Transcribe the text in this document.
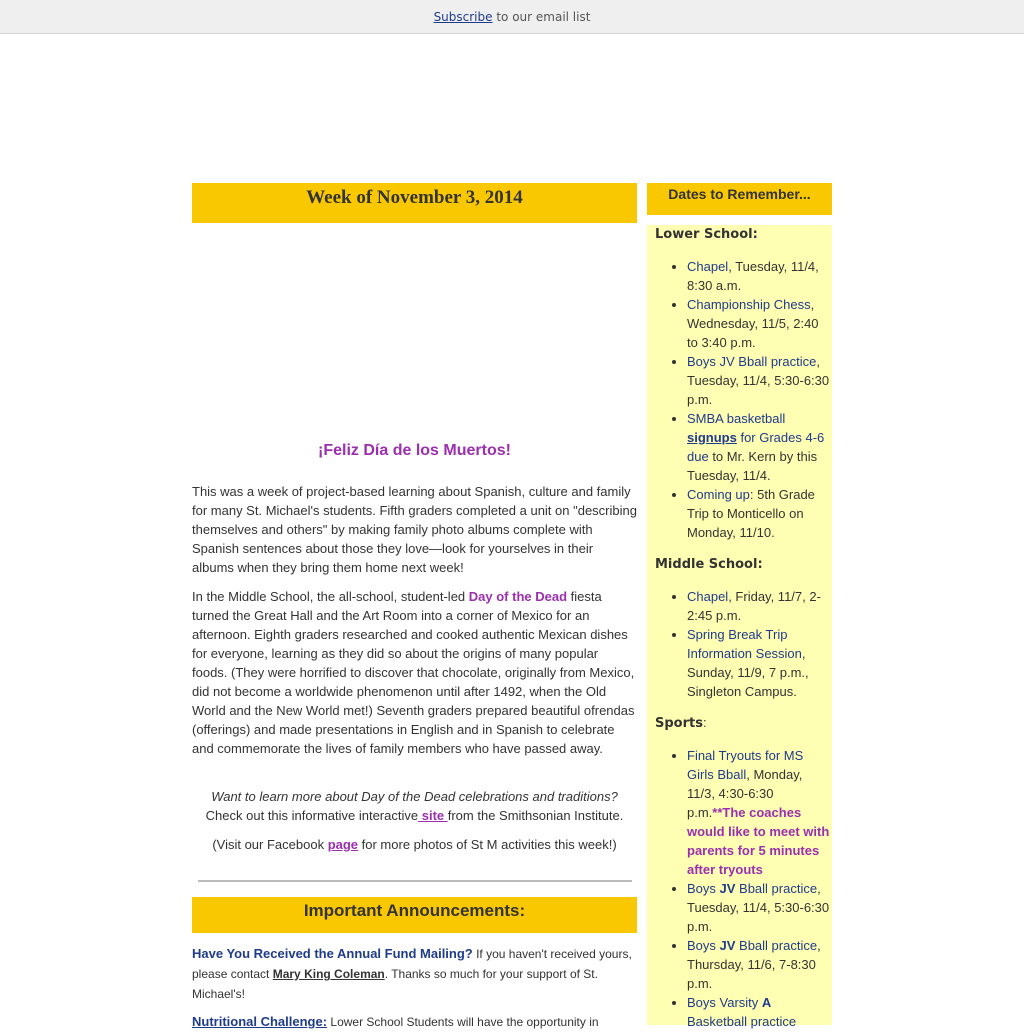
Subscribe to our email list
Week of November 3, 2014
¡Feliz Día de los Muertos!
This was a week of project-based learning about Spanish, culture and family for many St. Michael's students. Fifth graders completed a unit on "describing themselves and others" by making family photo albums complete with Spanish sentences about those they love—look for yourselves in their albums when they bring them home next week!
In the Middle School, the all-school, student-led Day of the Dead fiesta turned the Great Hall and the Art Room into a corner of Mexico for an afternoon. Eighth graders researched and cooked authentic Mexican dishes for everyone, learning as they did so about the origins of many popular foods. (They were horrified to discover that chocolate, originally from Mexico, did not become a worldwide phenomenon until after 1492, when the Old World and the New World met!) Seventh graders prepared beautiful ofrendas (offerings) and made presentations in English and in Spanish to celebrate and commemorate the lives of family members who have passed away.
Want to learn more about Day of the Dead celebrations and traditions?
Check out this informative interactive site from the Smithsonian Institute.
(Visit our Facebook page for more photos of St M activities this week!)
Important Announcements:
Have You Received the Annual Fund Mailing? If you haven't received yours, please contact Mary King Coleman. Thanks so much for your support of St. Michael's!
Nutritional Challenge: Lower School Students will have the opportunity in
Dates to Remember...
Lower School:
• Chapel, Tuesday, 11/4, 8:30 a.m.
• Championship Chess, Wednesday, 11/5, 2:40 to 3:40 p.m.
• Boys JV Bball practice, Tuesday, 11/4, 5:30-6:30 p.m.
• SMBA basketball signups for Grades 4-6 due to Mr. Kern by this Tuesday, 11/4.
• Coming up: 5th Grade Trip to Monticello on Monday, 11/10.
Middle School:
• Chapel, Friday, 11/7, 2-2:45 p.m.
• Spring Break Trip Information Session, Sunday, 11/9, 7 p.m., Singleton Campus.
Sports:
• Final Tryouts for MS Girls Bball, Monday, 11/3, 4:30-6:30 p.m.**The coaches would like to meet with parents for 5 minutes after tryouts
• Boys JV Bball practice, Tuesday, 11/4, 5:30-6:30 p.m.
• Boys JV Bball practice, Thursday, 11/6, 7-8:30 p.m.
• Boys Varsity A Basketball practice
